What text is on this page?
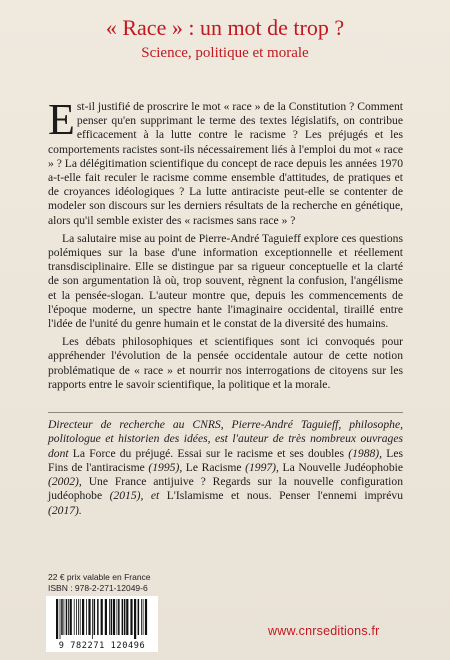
« Race » : un mot de trop ?
Science, politique et morale

Est-il justifié de proscrire le mot « race » de la Constitution ? Comment penser qu'en supprimant le terme des textes législatifs, on contribue efficacement à la lutte contre le racisme ? Les préjugés et les comportements racistes sont-ils nécessairement liés à l'emploi du mot « race » ? La délégitimation scientifique du concept de race depuis les années 1970 a-t-elle fait reculer le racisme comme ensemble d'attitudes, de pratiques et de croyances idéologiques ? La lutte antiraciste peut-elle se contenter de modeler son discours sur les derniers résultats de la recherche en génétique, alors qu'il semble exister des « racismes sans race » ?

La salutaire mise au point de Pierre-André Taguieff explore ces questions polémiques sur la base d'une information exceptionnelle et réellement transdisciplinaire. Elle se distingue par sa rigueur conceptuelle et la clarté de son argumentation là où, trop souvent, règnent la confusion, l'angélisme et la pensée-slogan. L'auteur montre que, depuis les commencements de l'époque moderne, un spectre hante l'imaginaire occidental, tiraillé entre l'idée de l'unité du genre humain et le constat de la diversité des humains.

Les débats philosophiques et scientifiques sont ici convoqués pour appréhender l'évolution de la pensée occidentale autour de cette notion problématique de « race » et nourrir nos interrogations de citoyens sur les rapports entre le savoir scientifique, la politique et la morale.

Directeur de recherche au CNRS, Pierre-André Taguieff, philosophe, politologue et historien des idées, est l'auteur de très nombreux ouvrages dont La Force du préjugé. Essai sur le racisme et ses doubles (1988), Les Fins de l'antiracisme (1995), Le Racisme (1997), La Nouvelle Judéophobie (2002), Une France antijuive ? Regards sur la nouvelle configuration judéophobe (2015), et L'Islamisme et nous. Penser l'ennemi imprévu (2017).
22 € prix valable en France
ISBN : 978-2-271-12049-6
9 782271 120496
www.cnrseditions.fr
